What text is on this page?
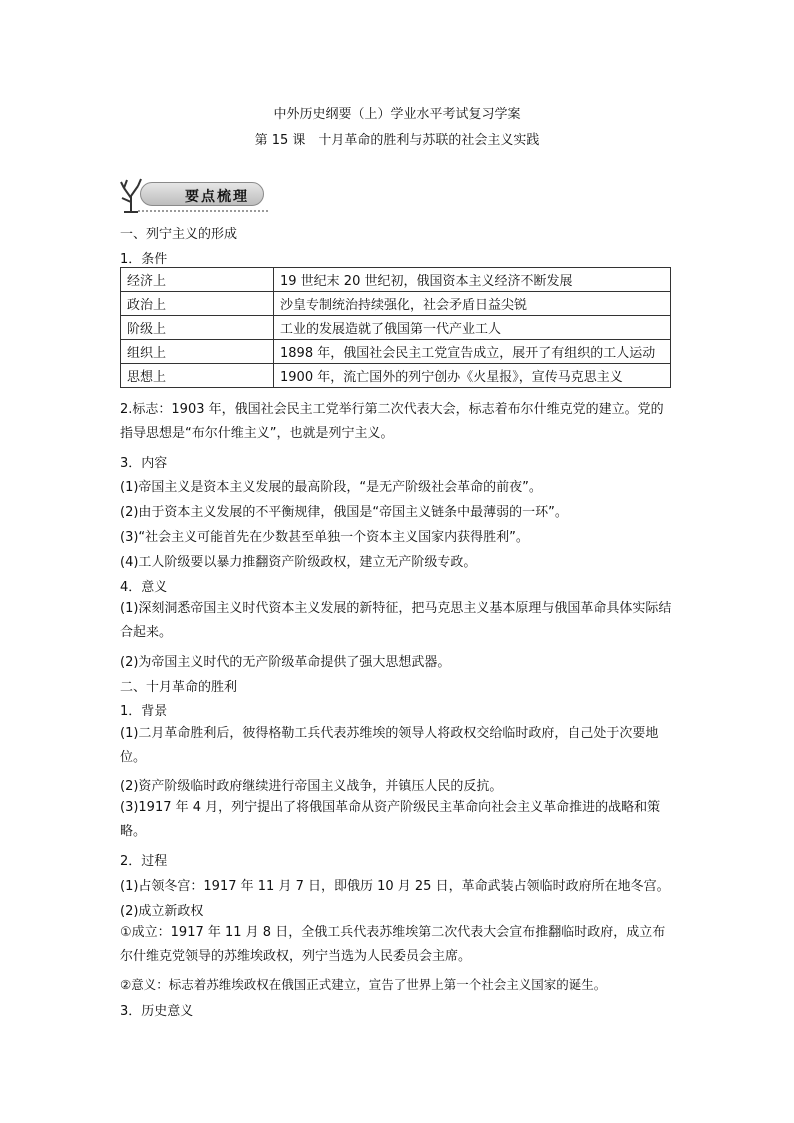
中外历史纲要（上）学业水平考试复习学案
第 15 课　十月革命的胜利与苏联的社会主义实践
要点梳理
一、列宁主义的形成
1．条件
经济上	19 世纪末 20 世纪初，俄国资本主义经济不断发展
政治上	沙皇专制统治持续强化，社会矛盾日益尖锐
阶级上	工业的发展造就了俄国第一代产业工人
组织上	1898 年，俄国社会民主工党宣告成立，展开了有组织的工人运动
思想上	1900 年，流亡国外的列宁创办《火星报》，宣传马克思主义
2.标志：1903 年，俄国社会民主工党举行第二次代表大会，标志着布尔什维克党的建立。党的指导思想是“布尔什维主义”，也就是列宁主义。
3．内容
(1)帝国主义是资本主义发展的最高阶段，“是无产阶级社会革命的前夜”。
(2)由于资本主义发展的不平衡规律，俄国是“帝国主义链条中最薄弱的一环”。
(3)“社会主义可能首先在少数甚至单独一个资本主义国家内获得胜利”。
(4)工人阶级要以暴力推翻资产阶级政权，建立无产阶级专政。
4．意义
(1)深刻洞悉帝国主义时代资本主义发展的新特征，把马克思主义基本原理与俄国革命具体实际结合起来。
(2)为帝国主义时代的无产阶级革命提供了强大思想武器。
二、十月革命的胜利
1．背景
(1)二月革命胜利后，彼得格勒工兵代表苏维埃的领导人将政权交给临时政府，自己处于次要地位。
(2)资产阶级临时政府继续进行帝国主义战争，并镇压人民的反抗。
(3)1917 年 4 月，列宁提出了将俄国革命从资产阶级民主革命向社会主义革命推进的战略和策略。
2．过程
(1)占领冬宫：1917 年 11 月 7 日，即俄历 10 月 25 日，革命武装占领临时政府所在地冬宫。
(2)成立新政权
①成立：1917 年 11 月 8 日，全俄工兵代表苏维埃第二次代表大会宣布推翻临时政府，成立布尔什维克党领导的苏维埃政权，列宁当选为人民委员会主席。
②意义：标志着苏维埃政权在俄国正式建立，宣告了世界上第一个社会主义国家的诞生。
3．历史意义
